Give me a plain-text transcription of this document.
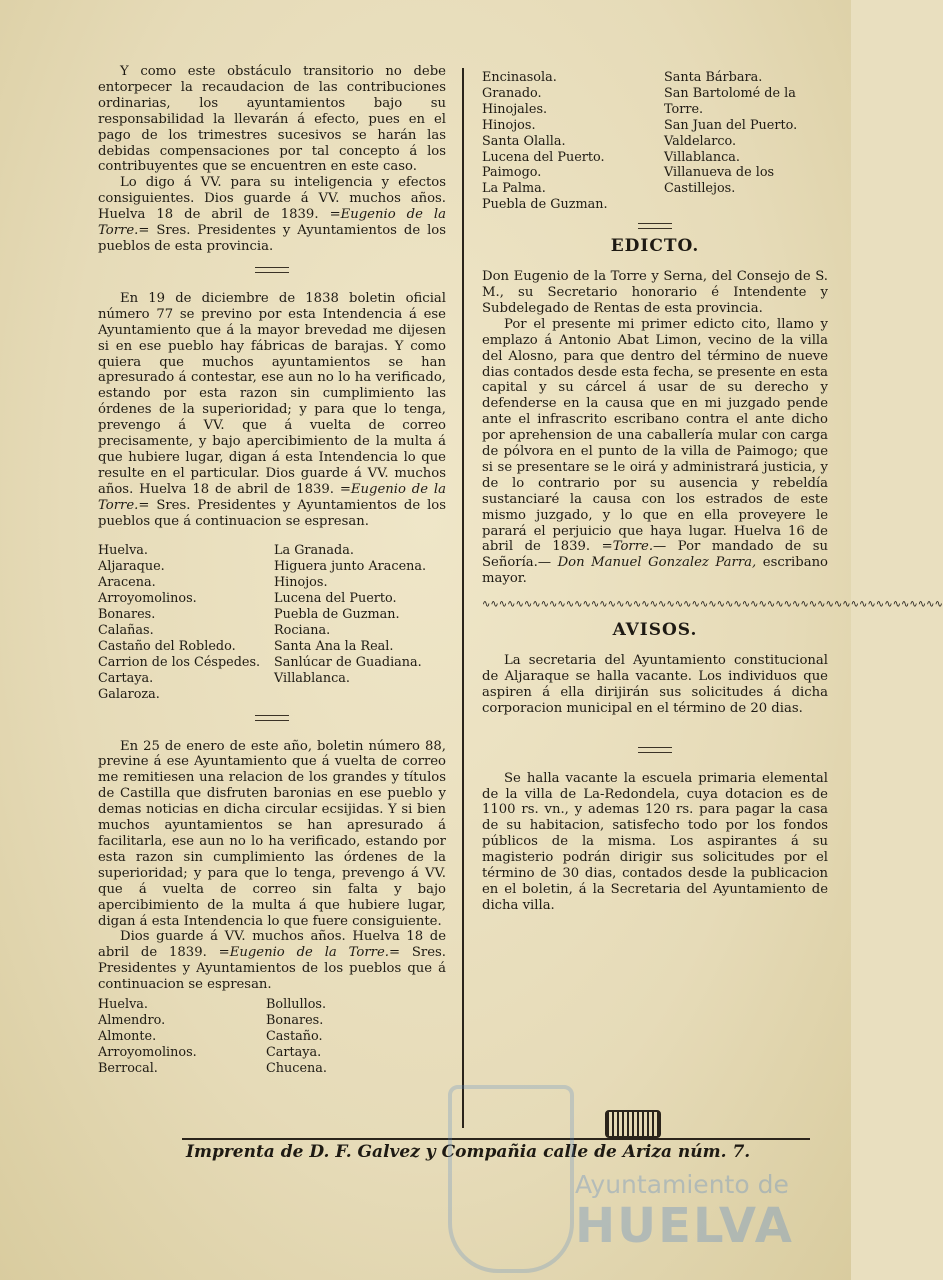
Y como este obstáculo transitorio no debe entorpecer la recaudacion de las contribuciones ordinarias, los ayuntamientos bajo su responsabilidad la llevarán á efecto, pues en el pago de los trimestres sucesivos se harán las debidas compensaciones por tal concepto á los contribuyentes que se encuentren en este caso.

Lo digo á VV. para su inteligencia y efectos consiguientes. Dios guarde á VV. muchos años. Huelva 18 de abril de 1839. =Eugenio de la Torre.= Sres. Presidentes y Ayuntamientos de los pueblos de esta provincia.

En 19 de diciembre de 1838 boletin oficial número 77 se previno por esta Intendencia á ese Ayuntamiento que á la mayor brevedad me dijesen si en ese pueblo hay fábricas de barajas. Y como quiera que muchos ayuntamientos se han apresurado á contestar, ese aun no lo ha verificado, estando por esta razon sin cumplimiento las órdenes de la superioridad; y para que lo tenga, prevengo á VV. que á vuelta de correo precisamente, y bajo apercibimiento de la multa á que hubiere lugar, digan á esta Intendencia lo que resulte en el particular. Dios guarde á VV. muchos años. Huelva 18 de abril de 1839. =Eugenio de la Torre.= Sres. Presidentes y Ayuntamientos de los pueblos que á continuacion se espresan.

Huelva.
Aljaraque.
Aracena.
Arroyomolinos.
Bonares.
Calañas.
Castaño del Robledo.
Carrion de los Céspedes.
Cartaya.
Galaroza.
La Granada.
Higuera junto Aracena.
Hinojos.
Lucena del Puerto.
Puebla de Guzman.
Rociana.
Santa Ana la Real.
Sanlúcar de Guadiana.
Villablanca.

En 25 de enero de este año, boletin número 88, previne á ese Ayuntamiento que á vuelta de correo me remitiesen una relacion de los grandes y títulos de Castilla que disfruten baronias en ese pueblo y demas noticias en dicha circular ecsijidas. Y si bien muchos ayuntamientos se han apresurado á facilitarla, ese aun no lo ha verificado, estando por esta razon sin cumplimiento las órdenes de la superioridad; y para que lo tenga, prevengo á VV. que á vuelta de correo sin falta y bajo apercibimiento de la multa á que hubiere lugar, digan á esta Intendencia lo que fuere consiguiente.

Dios guarde á VV. muchos años. Huelva 18 de abril de 1839. =Eugenio de la Torre.= Sres. Presidentes y Ayuntamientos de los pueblos que á continuacion se espresan.

Huelva.
Almendro.
Almonte.
Arroyomolinos.
Berrocal.
Bollullos.
Bonares.
Castaño.
Cartaya.
Chucena.
Encinasola.
Granado.
Hinojales.
Hinojos.
Santa Olalla.
Lucena del Puerto.
Paimogo.
La Palma.
Puebla de Guzman.
Santa Bárbara.
San Bartolomé de la Torre.
San Juan del Puerto.
Valdelarco.
Villablanca.
Villanueva de los Castillejos.
EDICTO.

Don Eugenio de la Torre y Serna, del Consejo de S. M., su Secretario honorario é Intendente y Subdelegado de Rentas de esta provincia.

Por el presente mi primer edicto cito, llamo y emplazo á Antonio Abat Limon, vecino de la villa del Alosno, para que dentro del término de nueve dias contados desde esta fecha, se presente en esta capital y su cárcel á usar de su derecho y defenderse en la causa que en mi juzgado pende ante el infrascrito escribano contra el ante dicho por aprehension de una caballería mular con carga de pólvora en el punto de la villa de Paimogo; que si se presentare se le oirá y administrará justicia, y de lo contrario por su ausencia y rebeldía sustanciaré la causa con los estrados de este mismo juzgado, y lo que en ella proveyere le parará el perjuicio que haya lugar. Huelva 16 de abril de 1839. =Torre.— Por mandado de su Señoría.— Don Manuel Gonzalez Parra, escribano mayor.

∿∿∿∿∿∿∿∿∿∿∿∿∿∿∿∿∿∿∿∿∿∿∿∿∿∿∿∿∿∿∿∿∿∿∿∿∿∿∿∿∿∿∿∿∿∿∿∿∿∿∿∿∿∿∿
AVISOS.

La secretaria del Ayuntamiento constitucional de Aljaraque se halla vacante. Los individuos que aspiren á ella dirijirán sus solicitudes á dicha corporacion municipal en el término de 20 dias.

Se halla vacante la escuela primaria elemental de la villa de La-Redondela, cuya dotacion es de 1100 rs. vn., y ademas 120 rs. para pagar la casa de su habitacion, satisfecho todo por los fondos públicos de la misma. Los aspirantes á su magisterio podrán dirigir sus solicitudes por el término de 30 dias, contados desde la publicacion en el boletin, á la Secretaria del Ayuntamiento de dicha villa.

Imprenta de D. F. Galvez y Compañia calle de Ariza núm. 7.
Ayuntamiento de
HUELVA
